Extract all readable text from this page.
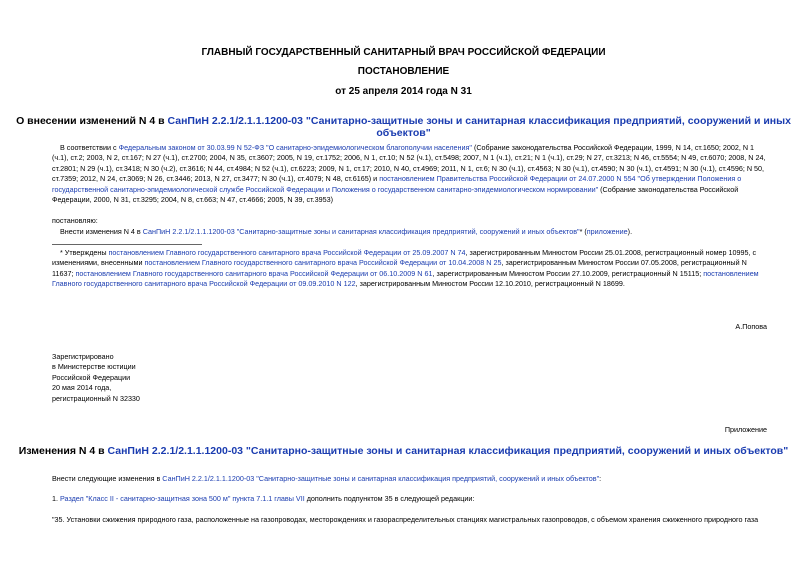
ГЛАВНЫЙ ГОСУДАРСТВЕННЫЙ САНИТАРНЫЙ ВРАЧ РОССИЙСКОЙ ФЕДЕРАЦИИ
ПОСТАНОВЛЕНИЕ
от 25 апреля 2014 года N 31
О внесении изменений N 4 в СанПиН 2.2.1/2.1.1.1200-03 "Санитарно-защитные зоны и санитарная классификация предприятий, сооружений и иных объектов"
В соответствии с Федеральным законом от 30.03.99 N 52-ФЗ "О санитарно-эпидемиологическом благополучии населения" (Собрание законодательства Российской Федерации, 1999, N 14, ст.1650; 2002, N 1 (ч.1), ст.2; 2003, N 2, ст.167; N 27 (ч.1), ст.2700; 2004, N 35, ст.3607; 2005, N 19, ст.1752; 2006, N 1, ст.10; N 52 (ч.1), ст.5498; 2007, N 1 (ч.1), ст.21; N 1 (ч.1), ст.29; N 27, ст.3213; N 46, ст.5554; N 49, ст.6070; 2008, N 24, ст.2801; N 29 (ч.1), ст.3418; N 30 (ч.2), ст.3616; N 44, ст.4984; N 52 (ч.1), ст.6223; 2009, N 1, ст.17; 2010, N 40, ст.4969; 2011, N 1, ст.6; N 30 (ч.1), ст.4563; N 30 (ч.1), ст.4590; N 30 (ч.1), ст.4591; N 30 (ч.1), ст.4596; N 50, ст.7359; 2012, N 24, ст.3069; N 26, ст.3446; 2013, N 27, ст.3477; N 30 (ч.1), ст.4079; N 48, ст.6165) и постановлением Правительства Российской Федерации от 24.07.2000 N 554 "Об утверждении Положения о государственной санитарно-эпидемиологической службе Российской Федерации и Положения о государственном санитарно-эпидемиологическом нормировании" (Собрание законодательства Российской Федерации, 2000, N 31, ст.3295; 2004, N 8, ст.663; N 47, ст.4666; 2005, N 39, ст.3953)
постановляю:
Внести изменения N 4 в СанПиН 2.2.1/2.1.1.1200-03 "Санитарно-защитные зоны и санитарная классификация предприятий, сооружений и иных объектов"* (приложение).
* Утверждены постановлением Главного государственного санитарного врача Российской Федерации от 25.09.2007 N 74, зарегистрированным Минюстом России 25.01.2008, регистрационный номер 10995, с изменениями, внесенными постановлением Главного государственного санитарного врача Российской Федерации от 10.04.2008 N 25, зарегистрированным Минюстом России 07.05.2008, регистрационный N 11637; постановлением Главного государственного санитарного врача Российской Федерации от 06.10.2009 N 61, зарегистрированным Минюстом России 27.10.2009, регистрационный N 15115; постановлением Главного государственного санитарного врача Российской Федерации от 09.09.2010 N 122, зарегистрированным Минюстом России 12.10.2010, регистрационный N 18699.
А.Попова
Зарегистрировано
в Министерстве юстиции
Российской Федерации
20 мая 2014 года,
регистрационный N 32330
Приложение
Изменения N 4 в СанПиН 2.2.1/2.1.1.1200-03 "Санитарно-защитные зоны и санитарная классификация предприятий, сооружений и иных объектов"
Внести следующие изменения в СанПиН 2.2.1/2.1.1.1200-03 "Санитарно-защитные зоны и санитарная классификация предприятий, сооружений и иных объектов":
1. Раздел "Класс II - санитарно-защитная зона 500 м" пункта 7.1.1 главы VII дополнить подпунктом 35 в следующей редакции:
"35. Установки сжижения природного газа, расположенные на газопроводах, месторождениях и газораспределительных станциях магистральных газопроводов, с объемом хранения сжиженного природного газа
